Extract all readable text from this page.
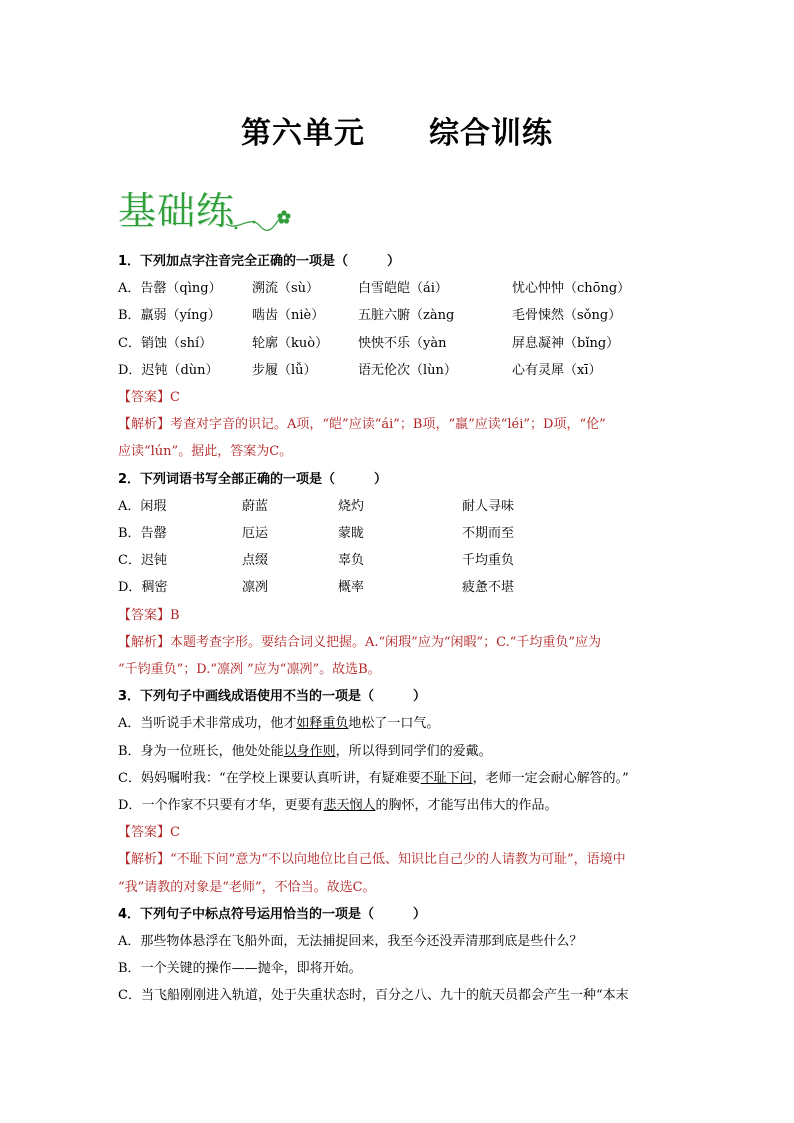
第六单元 综合训练
基础练

1．下列加点字注音完全正确的一项是（　　　）

A．告罄（qìng）	溯流（sù）	白雪皑皑（ái）	忧心忡忡（chōng）
B．羸弱（yíng）	啮齿（niè）	五脏六腑（zàng	毛骨悚然（sǒng）
C．销蚀（shí）	轮廓（kuò）	怏怏不乐（yàn	屏息凝神（bǐng）
D．迟钝（dùn）	步履（lǚ）	语无伦次（lùn）	心有灵犀（xī）

【答案】C

【解析】考查对字音的识记。A项，“皑”应读“ái”；B项，“羸”应读“léi”；D项，“伦”

应读“lún”。据此，答案为C。

2．下列词语书写全部正确的一项是（　　　）

A．闲瑕	蔚蓝	烧灼	耐人寻味
B．告罄	厄运	蒙眬	不期而至
C．迟钝	点缀	辜负	千均重负
D．稠密	凛冽	概率	疲惫不堪

【答案】B

【解析】本题考查字形。要结合词义把握。A.“闲瑕”应为“闲暇”；C.“千均重负”应为

“千钧重负”；D.“凛冽 ”应为“凛冽”。故选B。

3．下列句子中画线成语使用不当的一项是（　　　）

A．当听说手术非常成功，他才如释重负地松了一口气。

B．身为一位班长，他处处能以身作则，所以得到同学们的爱戴。

C．妈妈嘱咐我：“在学校上课要认真听讲，有疑难要不耻下问，老师一定会耐心解答的。”

D．一个作家不只要有才华，更要有悲天悯人的胸怀，才能写出伟大的作品。

【答案】C

【解析】“不耻下问”意为“不以向地位比自己低、知识比自己少的人请教为可耻”，语境中

“我”请教的对象是“老师”，不恰当。故选C。

4．下列句子中标点符号运用恰当的一项是（　　　）

A．那些物体悬浮在飞船外面，无法捕捉回来，我至今还没弄清那到底是些什么？

B．一个关键的操作——抛伞，即将开始。

C．当飞船刚刚进入轨道，处于失重状态时，百分之八、九十的航天员都会产生一种“本末
